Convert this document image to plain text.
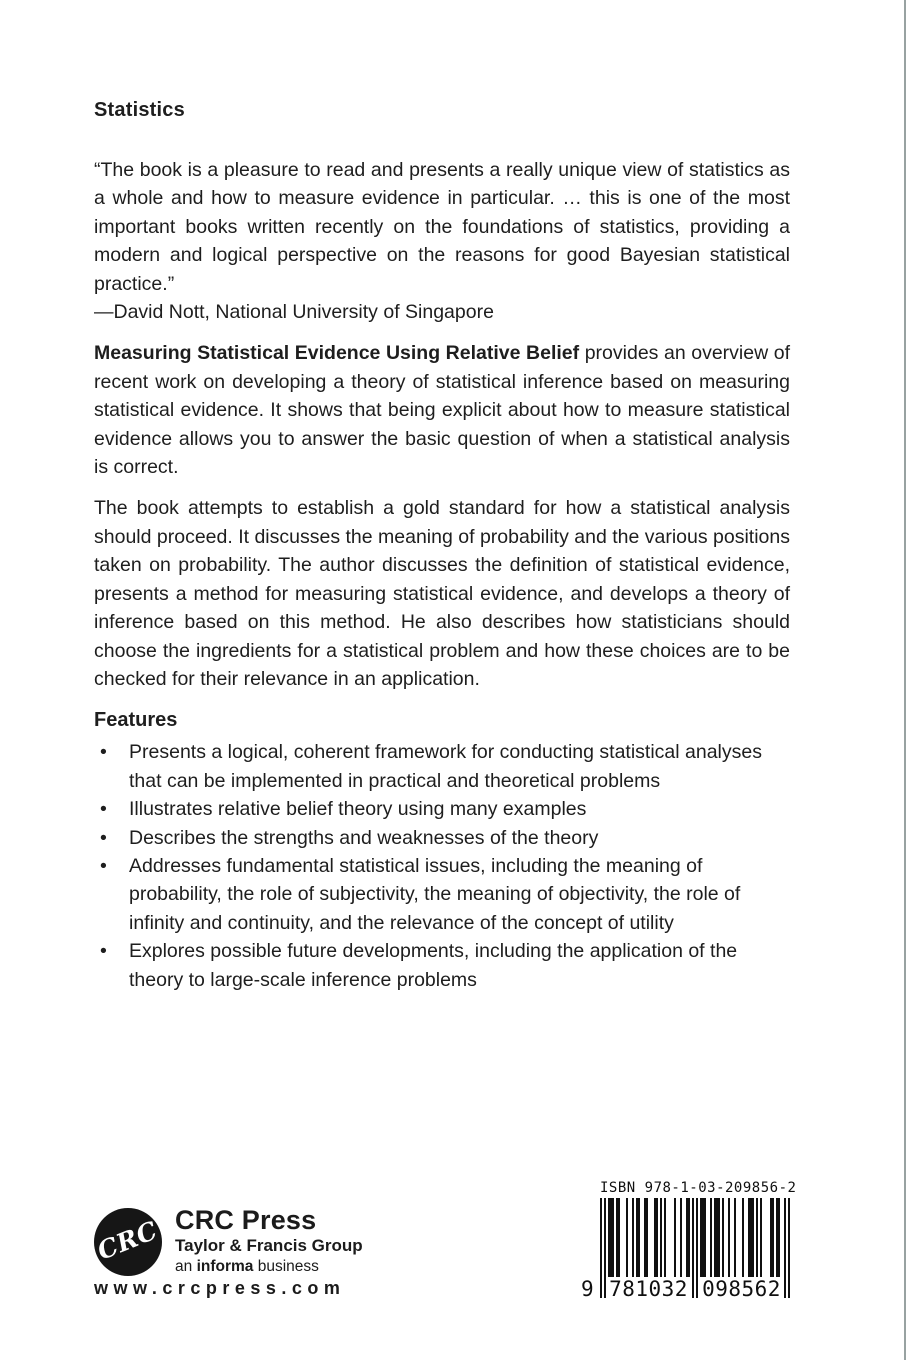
Statistics
“The book is a pleasure to read and presents a really unique view of statistics as a whole and how to measure evidence in particular. … this is one of the most important books written recently on the foundations of statistics, providing a modern and logical perspective on the reasons for good Bayesian statistical practice.”
—David Nott, National University of Singapore

Measuring Statistical Evidence Using Relative Belief provides an overview of recent work on developing a theory of statistical inference based on measuring statistical evidence. It shows that being explicit about how to measure statistical evidence allows you to answer the basic question of when a statistical analysis is correct.

The book attempts to establish a gold standard for how a statistical analysis should proceed. It discusses the meaning of probability and the various positions taken on probability. The author discusses the definition of statistical evidence, presents a method for measuring statistical evidence, and develops a theory of inference based on this method. He also describes how statisticians should choose the ingredients for a statistical problem and how these choices are to be checked for their relevance in an application.

Features
• Presents a logical, coherent framework for conducting statistical analyses that can be implemented in practical and theoretical problems
• Illustrates relative belief theory using many examples
• Describes the strengths and weaknesses of the theory
• Addresses fundamental statistical issues, including the meaning of probability, the role of subjectivity, the meaning of objectivity, the role of infinity and continuity, and the relevance of the concept of utility
• Explores possible future developments, including the application of the theory to large-scale inference problems
CRC CRC Press
Taylor & Francis Group
an informa business
www.crcpress.com
ISBN 978-1-03-209856-2
9 781032 098562
